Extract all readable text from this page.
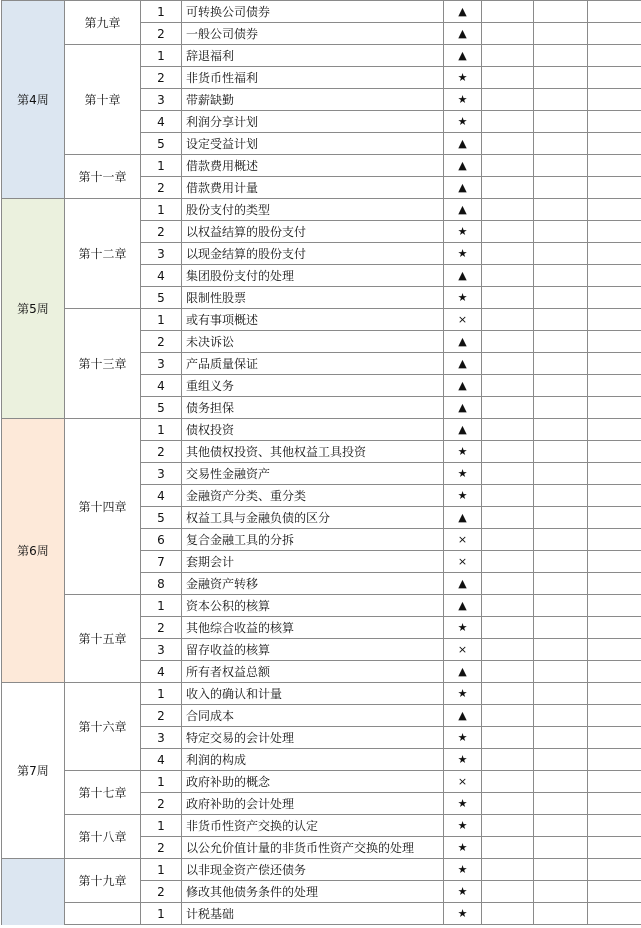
第4周	第九章	1	可转换公司债券	▲			
		2	一般公司债券	▲			
	第十章	1	辞退福利	▲			
		2	非货币性福利	★			
		3	带薪缺勤	★			
		4	利润分享计划	★			
		5	设定受益计划	▲			
	第十一章	1	借款费用概述	▲			
		2	借款费用计量	▲			
第5周	第十二章	1	股份支付的类型	▲			
		2	以权益结算的股份支付	★			
		3	以现金结算的股份支付	★			
		4	集团股份支付的处理	▲			
		5	限制性股票	★			
	第十三章	1	或有事项概述	×			
		2	未决诉讼	▲			
		3	产品质量保证	▲			
		4	重组义务	▲			
		5	债务担保	▲			
第6周	第十四章	1	债权投资	▲			
		2	其他债权投资、其他权益工具投资	★			
		3	交易性金融资产	★			
		4	金融资产分类、重分类	★			
		5	权益工具与金融负债的区分	▲			
		6	复合金融工具的分拆	×			
		7	套期会计	×			
		8	金融资产转移	▲			
	第十五章	1	资本公积的核算	▲			
		2	其他综合收益的核算	★			
		3	留存收益的核算	×			
		4	所有者权益总额	▲			
第7周	第十六章	1	收入的确认和计量	★			
		2	合同成本	▲			
		3	特定交易的会计处理	★			
		4	利润的构成	★			
	第十七章	1	政府补助的概念	×			
		2	政府补助的会计处理	★			
	第十八章	1	非货币性资产交换的认定	★			
		2	以公允价值计量的非货币性资产交换的处理	★			
	第十九章	1	以非现金资产偿还债务	★			
		2	修改其他债务条件的处理	★			
		1	计税基础	★			
